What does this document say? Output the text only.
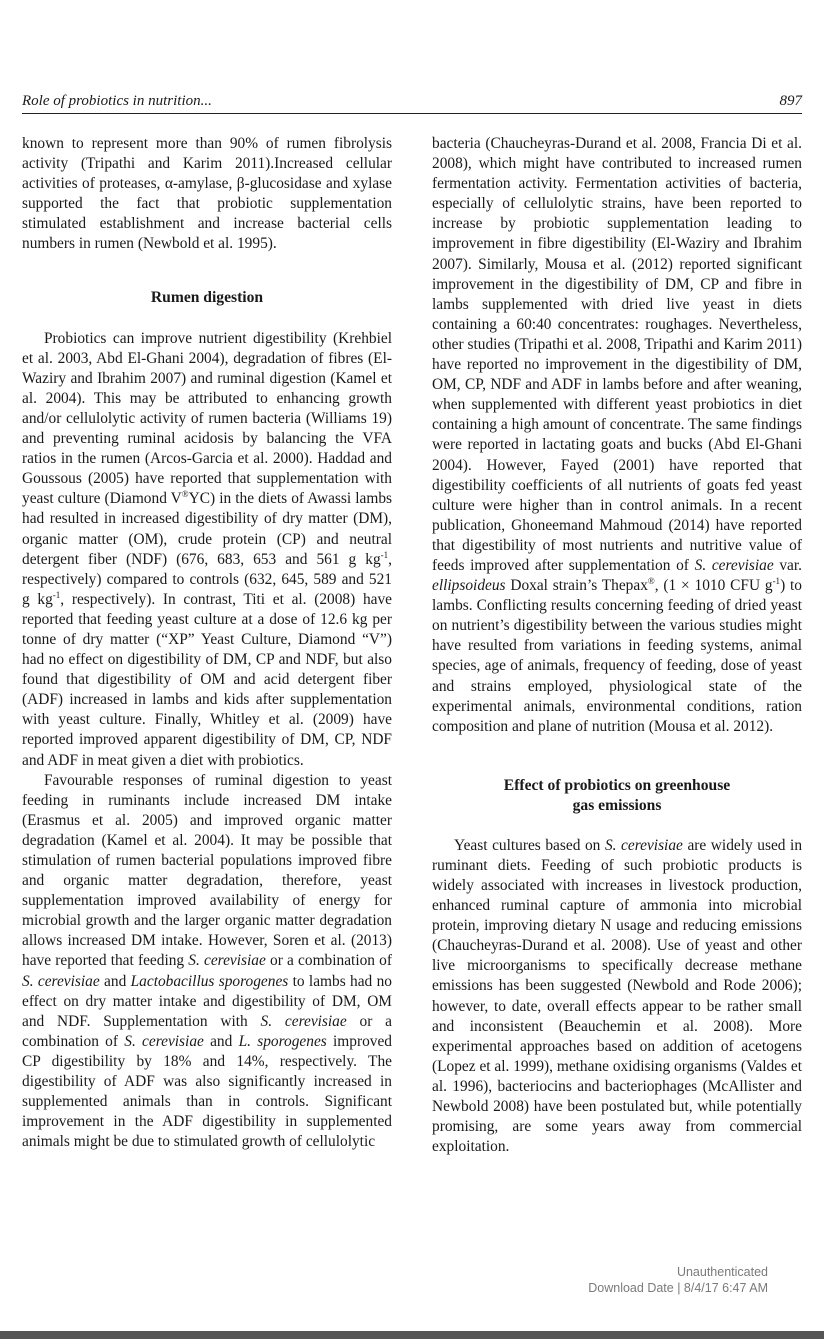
Role of probiotics in nutrition...	897

known to represent more than 90% of rumen fibrolysis activity (Tripathi and Karim 2011).Increased cellular activities of proteases, α-amylase, β-glucosidase and xylase supported the fact that probiotic supplementation stimulated establishment and increase bacterial cells numbers in rumen (Newbold et al. 1995).

Rumen digestion

Probiotics can improve nutrient digestibility (Krehbiel et al. 2003, Abd El-Ghani 2004), degradation of fibres (El-Waziry and Ibrahim 2007) and ruminal digestion (Kamel et al. 2004). This may be attributed to enhancing growth and/or cellulolytic activity of rumen bacteria (Williams 19) and preventing ruminal acidosis by balancing the VFA ratios in the rumen (Arcos-Garcia et al. 2000). Haddad and Goussous (2005) have reported that supplementation with yeast culture (Diamond V®YC) in the diets of Awassi lambs had resulted in increased digestibility of dry matter (DM), organic matter (OM), crude protein (CP) and neutral detergent fiber (NDF) (676, 683, 653 and 561 g $kg^{-1}$, respectively) compared to controls (632, 645, 589 and 521 g $kg^{-1}$, respectively). In contrast, Titi et al. (2008) have reported that feeding yeast culture at a dose of 12.6 kg per tonne of dry matter (“XP” Yeast Culture, Diamond “V”) had no effect on digestibility of DM, CP and NDF, but also found that digestibility of OM and acid detergent fiber (ADF) increased in lambs and kids after supplementation with yeast culture. Finally, Whitley et al. (2009) have reported improved apparent digestibility of DM, CP, NDF and ADF in meat given a diet with probiotics.

Favourable responses of ruminal digestion to yeast feeding in ruminants include increased DM intake (Erasmus et al. 2005) and improved organic matter degradation (Kamel et al. 2004). It may be possible that stimulation of rumen bacterial populations improved fibre and organic matter degradation, therefore, yeast supplementation improved availability of energy for microbial growth and the larger organic matter degradation allows increased DM intake. However, Soren et al. (2013) have reported that feeding S. cerevisiae or a combination of S. cerevisiae and Lactobacillus sporogenes to lambs had no effect on dry matter intake and digestibility of DM, OM and NDF. Supplementation with S. cerevisiae or a combination of S. cerevisiae and L. sporogenes improved CP digestibility by 18% and 14%, respectively. The digestibility of ADF was also significantly increased in supplemented animals than in controls. Significant improvement in the ADF digestibility in supplemented animals might be due to stimulated growth of cellulolytic

bacteria (Chaucheyras-Durand et al. 2008, Francia Di et al. 2008), which might have contributed to increased rumen fermentation activity. Fermentation activities of bacteria, especially of cellulolytic strains, have been reported to increase by probiotic supplementation leading to improvement in fibre digestibility (El-Waziry and Ibrahim 2007). Similarly, Mousa et al. (2012) reported significant improvement in the digestibility of DM, CP and fibre in lambs supplemented with dried live yeast in diets containing a 60:40 concentrates: roughages. Nevertheless, other studies (Tripathi et al. 2008, Tripathi and Karim 2011) have reported no improvement in the digestibility of DM, OM, CP, NDF and ADF in lambs before and after weaning, when supplemented with different yeast probiotics in diet containing a high amount of concentrate. The same findings were reported in lactating goats and bucks (Abd El-Ghani 2004). However, Fayed (2001) have reported that digestibility coefficients of all nutrients of goats fed yeast culture were higher than in control animals. In a recent publication, Ghoneemand Mahmoud (2014) have reported that digestibility of most nutrients and nutritive value of feeds improved after supplementation of S. cerevisiae var. ellipsoideus Doxal strain’s Thepax®, (1 × 1010 CFU $g^{-1}$) to lambs. Conflicting results concerning feeding of dried yeast on nutrient’s digestibility between the various studies might have resulted from variations in feeding systems, animal species, age of animals, frequency of feeding, dose of yeast and strains employed, physiological state of the experimental animals, environmental conditions, ration composition and plane of nutrition (Mousa et al. 2012).

Effect of probiotics on greenhouse
gas emissions

Yeast cultures based on S. cerevisiae are widely used in ruminant diets. Feeding of such probiotic products is widely associated with increases in livestock production, enhanced ruminal capture of ammonia into microbial protein, improving dietary N usage and reducing emissions (Chaucheyras-Durand et al. 2008). Use of yeast and other live microorganisms to specifically decrease methane emissions has been suggested (Newbold and Rode 2006); however, to date, overall effects appear to be rather small and inconsistent (Beauchemin et al. 2008). More experimental approaches based on addition of acetogens (Lopez et al. 1999), methane oxidising organisms (Valdes et al. 1996), bacteriocins and bacteriophages (McAllister and Newbold 2008) have been postulated but, while potentially promising, are some years away from commercial exploitation.

Unauthenticated
Download Date | 8/4/17 6:47 AM
